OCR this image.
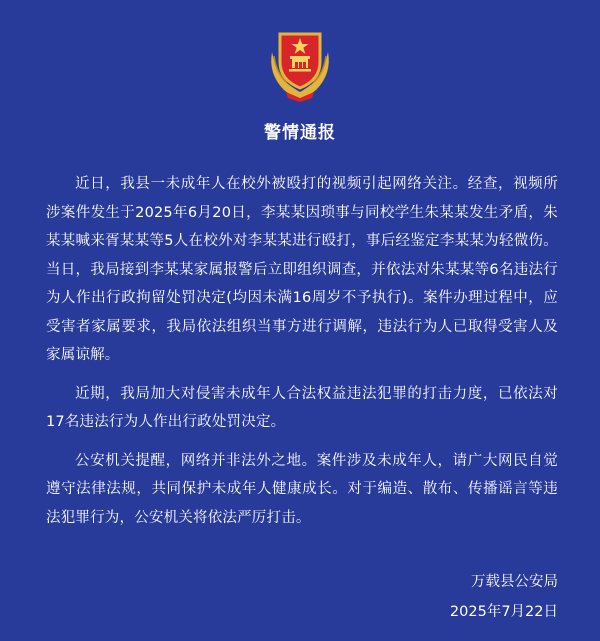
警情通报

近日，我县一未成年人在校外被殴打的视频引起网络关注。经查，视频所涉案件发生于2025年6月20日，李某某因琐事与同校学生朱某某发生矛盾，朱某某喊来胥某某等5人在校外对李某某进行殴打，事后经鉴定李某某为轻微伤。当日，我局接到李某某家属报警后立即组织调查，并依法对朱某某等6名违法行为人作出行政拘留处罚决定(均因未满16周岁不予执行)。案件办理过程中，应受害者家属要求，我局依法组织当事方进行调解，违法行为人已取得受害人及家属谅解。

近期，我局加大对侵害未成年人合法权益违法犯罪的打击力度，已依法对17名违法行为人作出行政处罚决定。

公安机关提醒，网络并非法外之地。案件涉及未成年人，请广大网民自觉遵守法律法规，共同保护未成年人健康成长。对于编造、散布、传播谣言等违法犯罪行为，公安机关将依法严厉打击。

万载县公安局
2025年7月22日
